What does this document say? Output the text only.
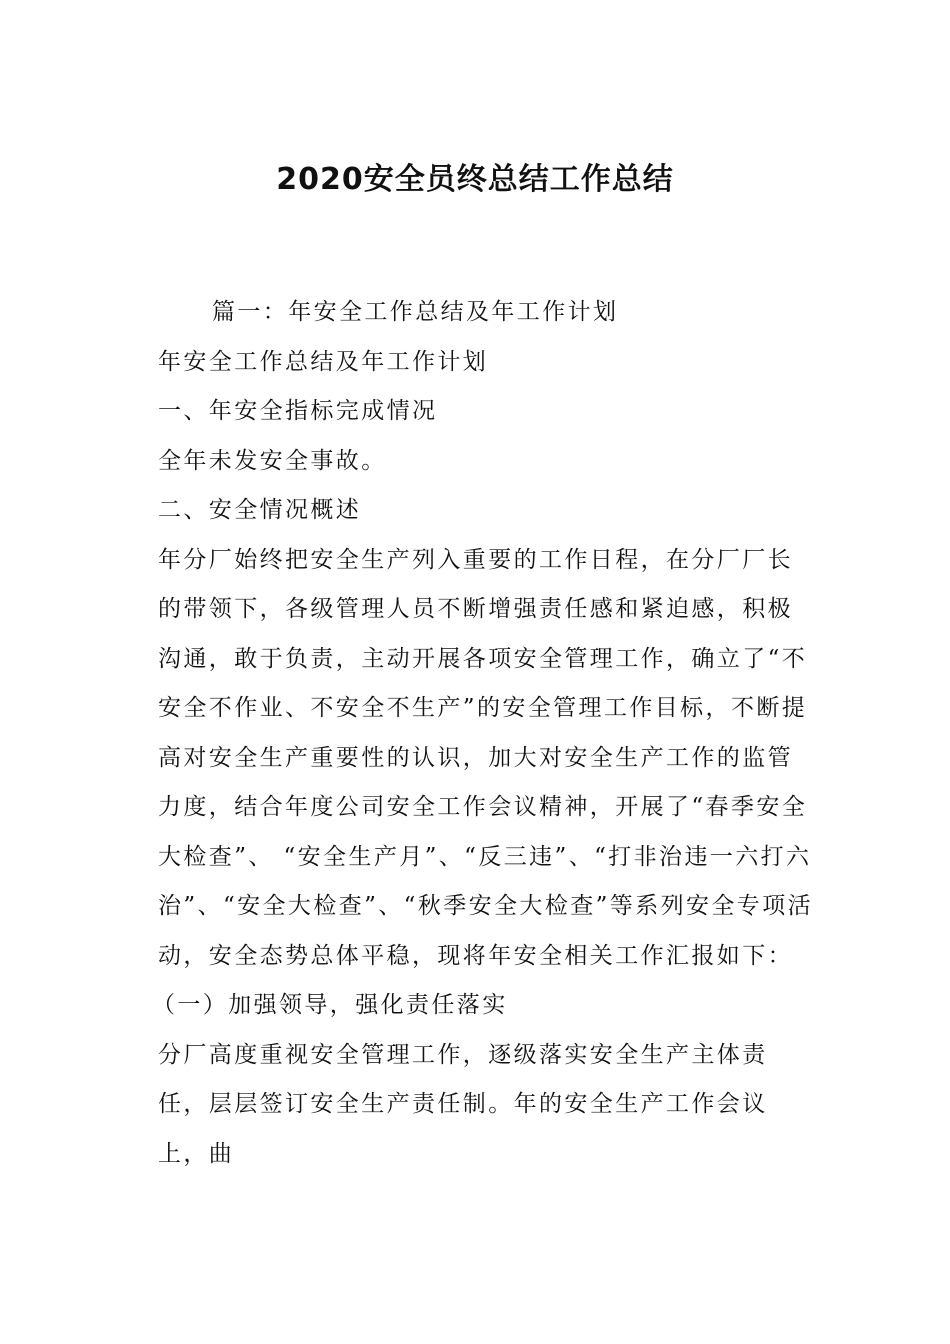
2020安全员终总结工作总结

篇一：年安全工作总结及年工作计划

年安全工作总结及年工作计划

一、年安全指标完成情况

全年未发安全事故。

二、安全情况概述

年分厂始终把安全生产列入重要的工作日程，在分厂厂长的带领下，各级管理人员不断增强责任感和紧迫感，积极沟通，敢于负责，主动开展各项安全管理工作，确立了“不安全不作业、不安全不生产”的安全管理工作目标，不断提高对安全生产重要性的认识，加大对安全生产工作的监管力度，结合年度公司安全工作会议精神，开展了“春季安全大检查”、 “安全生产月”、“反三违”、“打非治违一六打六治”、“安全大检查”、“秋季安全大检查”等系列安全专项活动，安全态势总体平稳，现将年安全相关工作汇报如下：

（一）加强领导，强化责任落实

分厂高度重视安全管理工作，逐级落实安全生产主体责任，层层签订安全生产责任制。年的安全生产工作会议上，曲
